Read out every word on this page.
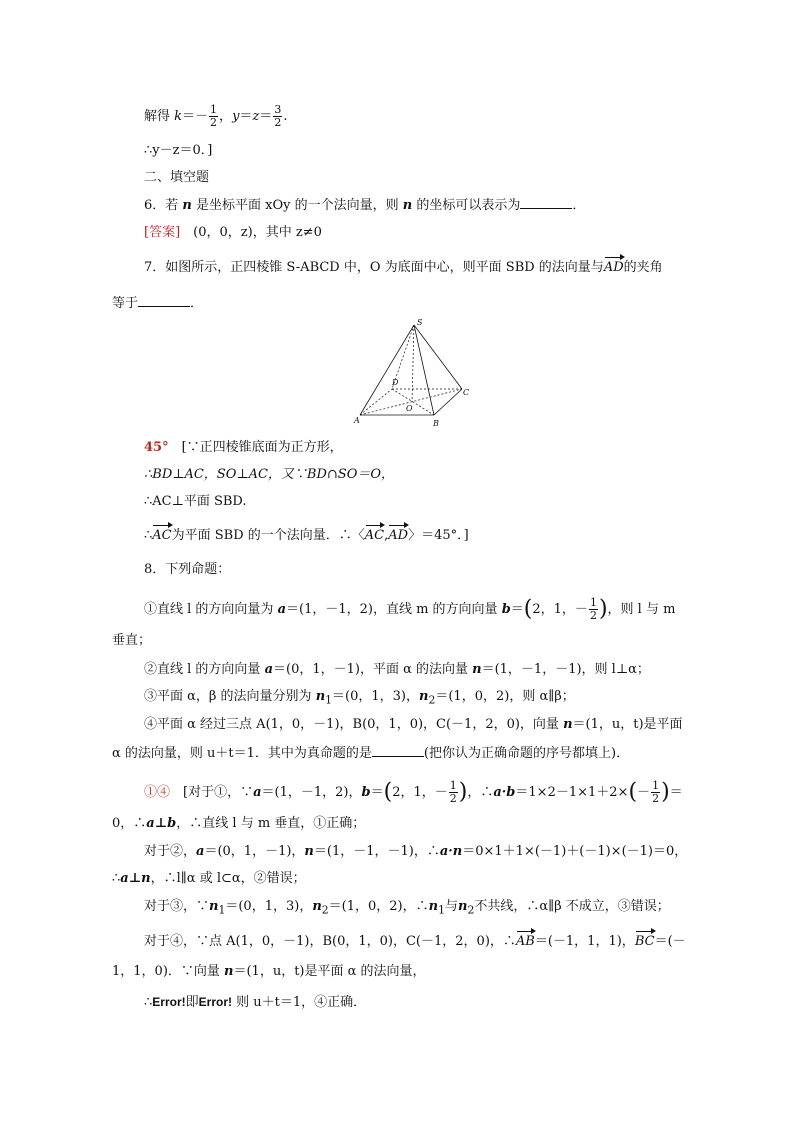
解得 $k=- \frac{1}{2}$ ，$y=z= \frac{3}{2}$ .
∴y－z＝0．]
二、填空题
6．若 n 是坐标平面 xOy 的一个法向量，则 n 的坐标可以表示为	．
[答案]　(0，0，z)，其中 z≠0
7．如图所示，正四棱锥 S-ABCD 中，O 为底面中心，则平面 SBD 的法向量与AD的夹角
等于	．
S
D
C
O
A	B
45°　[∵正四棱锥底面为正方形，
∴BD⊥AC，SO⊥AC，又∵BD∩SO＝O，
∴AC⊥平面 SBD.
∴AC为平面 SBD 的一个法向量．∴〈AC,AD〉＝45°．]
8．下列命题：
①直线 l 的方向向量为 a＝(1，－1，2)，直线 m 的方向向量 b＝(2，1，－ $\frac{1}{2}$ )，则 l 与 m
垂直；
②直线 l 的方向向量 a＝(0，1，－1)，平面 α 的法向量 n＝(1，－1，－1)，则 l⊥α；
③平面 α，β 的法向量分别为 $n_1=(0$，1，3)，$n_2=(1$，0，2)，则 α∥β；
④平面 α 经过三点 A(1，0，－1)，B(0，1，0)，C(－1，2，0)，向量 n＝(1，u，t)是平面
α 的法向量，则 u＋t＝1．其中为真命题的是	(把你认为正确命题的序号都填上)．
①④　[对于①，∵a＝(1，－1，2)，b＝(2，1，－ $\frac{1}{2}$ )，∴a·b＝1×2－1×1＋2×(－ $\frac{1}{2}$ )＝
0，∴a⊥b，∴直线 l 与 m 垂直，①正确；
对于②，a＝(0，1，－1)，n＝(1，－1，－1)，∴a·n＝0×1＋1×(－1)＋(－1)×(－1)＝0，
∴a⊥n，∴l∥α 或 l⊂α，②错误；
对于③，$\because n_1=(0$，1，3)，$n_2=(1$，0，2)，$\therefore n_1$与$n_2$不共线，∴α∥β 不成立，③错误；
对于④，∵点 A(1，0，－1)，B(0，1，0)，C(－1，2，0)，∴AB＝(－1，1，1)，BC＝(－
1，1，0)．∵向量 n＝(1，u，t)是平面 α 的法向量，
∴Error!即Error! 则 u＋t＝1，④正确．
